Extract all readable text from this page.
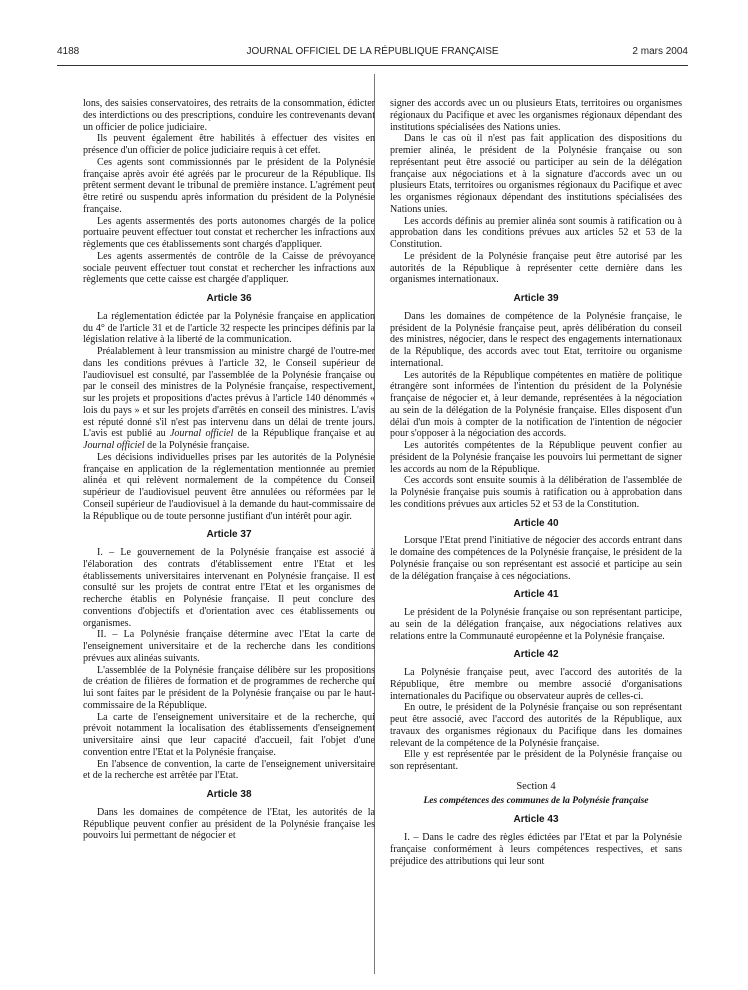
4188	JOURNAL OFFICIEL DE LA RÉPUBLIQUE FRANÇAISE	2 mars 2004

lons, des saisies conservatoires, des retraits de la consommation, édicter des interdictions ou des prescriptions, conduire les contrevenants devant un officier de police judiciaire.

Ils peuvent également être habilités à effectuer des visites en présence d'un officier de police judiciaire requis à cet effet.

Ces agents sont commissionnés par le président de la Polynésie française après avoir été agréés par le procureur de la République. Ils prêtent serment devant le tribunal de première instance. L'agrément peut être retiré ou suspendu après information du président de la Polynésie française.

Les agents assermentés des ports autonomes chargés de la police portuaire peuvent effectuer tout constat et rechercher les infractions aux règlements que ces établissements sont chargés d'appliquer.

Les agents assermentés de contrôle de la Caisse de prévoyance sociale peuvent effectuer tout constat et rechercher les infractions aux règlements que cette caisse est chargée d'appliquer.

Article 36

La réglementation édictée par la Polynésie française en application du 4° de l'article 31 et de l'article 32 respecte les principes définis par la législation relative à la liberté de la communication.

Préalablement à leur transmission au ministre chargé de l'outre-mer dans les conditions prévues à l'article 32, le Conseil supérieur de l'audiovisuel est consulté, par l'assemblée de la Polynésie française ou par le conseil des ministres de la Polynésie française, respectivement, sur les projets et propositions d'actes prévus à l'article 140 dénommés « lois du pays » et sur les projets d'arrêtés en conseil des ministres. L'avis est réputé donné s'il n'est pas intervenu dans un délai de trente jours. L'avis est publié au Journal officiel de la République française et au Journal officiel de la Polynésie française.

Les décisions individuelles prises par les autorités de la Polynésie française en application de la réglementation mentionnée au premier alinéa et qui relèvent normalement de la compétence du Conseil supérieur de l'audiovisuel peuvent être annulées ou réformées par le Conseil supérieur de l'audiovisuel à la demande du haut-commissaire de la République ou de toute personne justifiant d'un intérêt pour agir.

Article 37

I. – Le gouvernement de la Polynésie française est associé à l'élaboration des contrats d'établissement entre l'Etat et les établissements universitaires intervenant en Polynésie française. Il est consulté sur les projets de contrat entre l'Etat et les organismes de recherche établis en Polynésie française. Il peut conclure des conventions d'objectifs et d'orientation avec ces établissements ou organismes.

II. – La Polynésie française détermine avec l'Etat la carte de l'enseignement universitaire et de la recherche dans les conditions prévues aux alinéas suivants.

L'assemblée de la Polynésie française délibère sur les propositions de création de filières de formation et de programmes de recherche qui lui sont faites par le président de la Polynésie française ou par le haut-commissaire de la République.

La carte de l'enseignement universitaire et de la recherche, qui prévoit notamment la localisation des établissements d'enseignement universitaire ainsi que leur capacité d'accueil, fait l'objet d'une convention entre l'Etat et la Polynésie française.

En l'absence de convention, la carte de l'enseignement universitaire et de la recherche est arrêtée par l'Etat.

Article 38

Dans les domaines de compétence de l'Etat, les autorités de la République peuvent confier au président de la Polynésie française les pouvoirs lui permettant de négocier et

signer des accords avec un ou plusieurs Etats, territoires ou organismes régionaux du Pacifique et avec les organismes régionaux dépendant des institutions spécialisées des Nations unies.

Dans le cas où il n'est pas fait application des dispositions du premier alinéa, le président de la Polynésie française ou son représentant peut être associé ou participer au sein de la délégation française aux négociations et à la signature d'accords avec un ou plusieurs Etats, territoires ou organismes régionaux du Pacifique et avec les organismes régionaux dépendant des institutions spécialisées des Nations unies.

Les accords définis au premier alinéa sont soumis à ratification ou à approbation dans les conditions prévues aux articles 52 et 53 de la Constitution.

Le président de la Polynésie française peut être autorisé par les autorités de la République à représenter cette dernière dans les organismes internationaux.

Article 39

Dans les domaines de compétence de la Polynésie française, le président de la Polynésie française peut, après délibération du conseil des ministres, négocier, dans le respect des engagements internationaux de la République, des accords avec tout Etat, territoire ou organisme international.

Les autorités de la République compétentes en matière de politique étrangère sont informées de l'intention du président de la Polynésie française de négocier et, à leur demande, représentées à la négociation au sein de la délégation de la Polynésie française. Elles disposent d'un délai d'un mois à compter de la notification de l'intention de négocier pour s'opposer à la négociation des accords.

Les autorités compétentes de la République peuvent confier au président de la Polynésie française les pouvoirs lui permettant de signer les accords au nom de la République.

Ces accords sont ensuite soumis à la délibération de l'assemblée de la Polynésie française puis soumis à ratification ou à approbation dans les conditions prévues aux articles 52 et 53 de la Constitution.

Article 40

Lorsque l'Etat prend l'initiative de négocier des accords entrant dans le domaine des compétences de la Polynésie française, le président de la Polynésie française ou son représentant est associé et participe au sein de la délégation française à ces négociations.

Article 41

Le président de la Polynésie française ou son représentant participe, au sein de la délégation française, aux négociations relatives aux relations entre la Communauté européenne et la Polynésie française.

Article 42

La Polynésie française peut, avec l'accord des autorités de la République, être membre ou membre associé d'organisations internationales du Pacifique ou observateur auprès de celles-ci.

En outre, le président de la Polynésie française ou son représentant peut être associé, avec l'accord des autorités de la République, aux travaux des organismes régionaux du Pacifique dans les domaines relevant de la compétence de la Polynésie française.

Elle y est représentée par le président de la Polynésie française ou son représentant.

Section 4
Les compétences des communes de la Polynésie française
Article 43

I. – Dans le cadre des règles édictées par l'Etat et par la Polynésie française conformément à leurs compétences respectives, et sans préjudice des attributions qui leur sont
